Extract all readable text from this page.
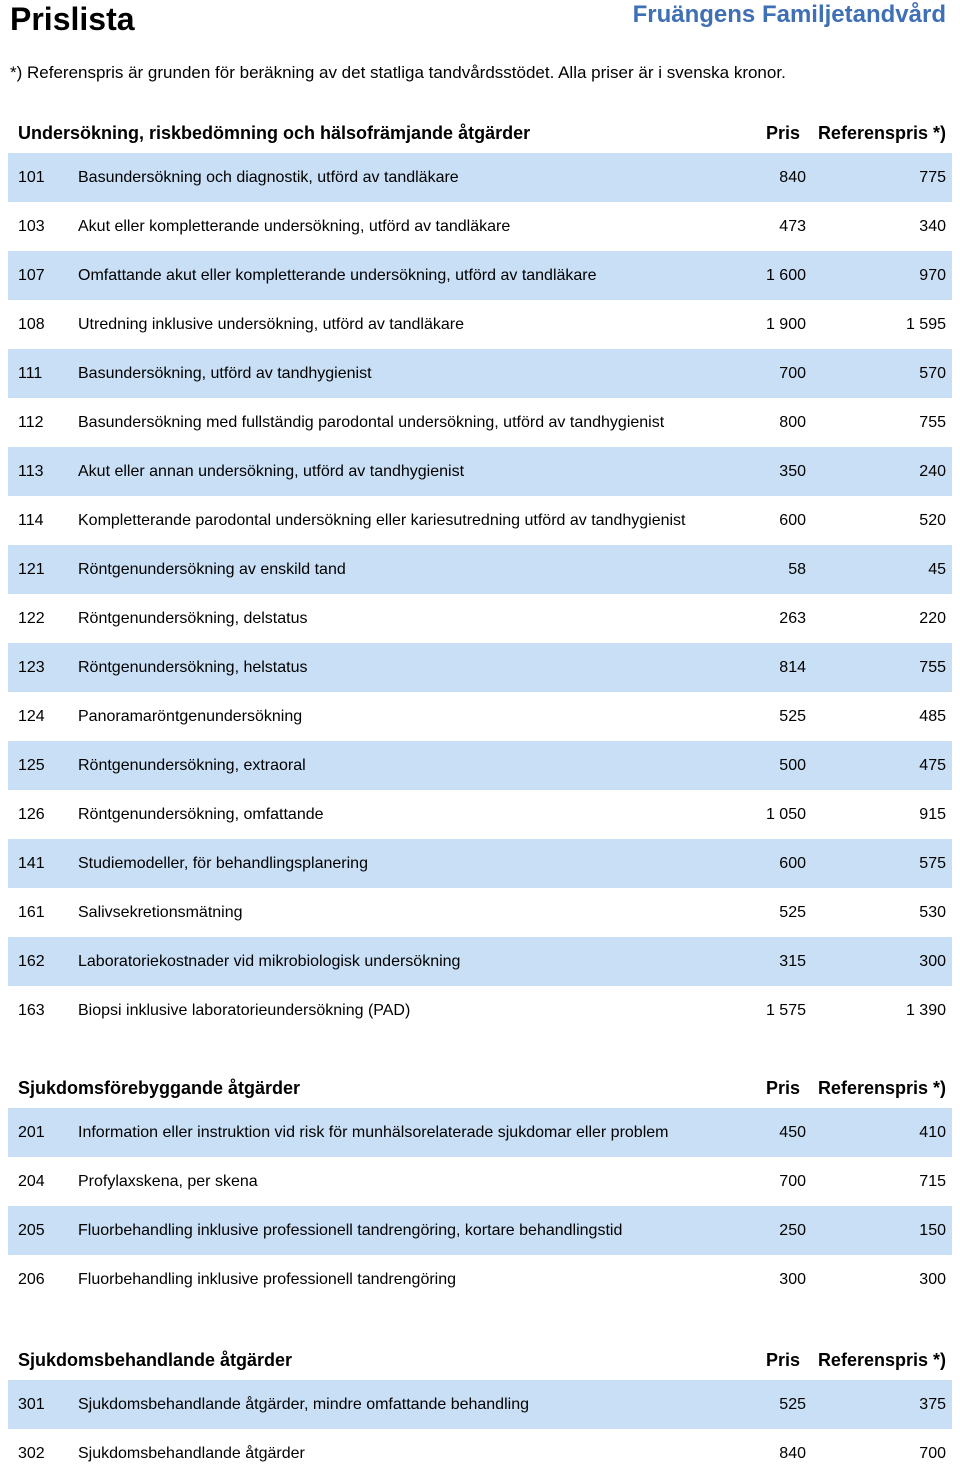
Prislista	Fruängens Familjetandvård
*) Referenspris är grunden för beräkning av det statliga tandvårdsstödet. Alla priser är i svenska kronor.
Undersökning, riskbedömning och hälsofrämjande åtgärder	Pris Referenspris *)
101	Basundersökning och diagnostik, utförd av tandläkare	840	775
103	Akut eller kompletterande undersökning, utförd av tandläkare	473	340
107	Omfattande akut eller kompletterande undersökning, utförd av tandläkare	1 600	970
108	Utredning inklusive undersökning, utförd av tandläkare	1 900	1 595
111	Basundersökning, utförd av tandhygienist	700	570
112	Basundersökning med fullständig parodontal undersökning, utförd av tandhygienist	800	755
113	Akut eller annan undersökning, utförd av tandhygienist	350	240
114	Kompletterande parodontal undersökning eller kariesutredning utförd av tandhygienist	600	520
121	Röntgenundersökning av enskild tand	58	45
122	Röntgenundersökning, delstatus	263	220
123	Röntgenundersökning, helstatus	814	755
124	Panoramaröntgenundersökning	525	485
125	Röntgenundersökning, extraoral	500	475
126	Röntgenundersökning, omfattande	1 050	915
141	Studiemodeller, för behandlingsplanering	600	575
161	Salivsekretionsmätning	525	530
162	Laboratoriekostnader vid mikrobiologisk undersökning	315	300
163	Biopsi inklusive laboratorieundersökning (PAD)	1 575	1 390
Sjukdomsförebyggande åtgärder	Pris Referenspris *)
201	Information eller instruktion vid risk för munhälsorelaterade sjukdomar eller problem	450	410
204	Profylaxskena, per skena	700	715
205	Fluorbehandling inklusive professionell tandrengöring, kortare behandlingstid	250	150
206	Fluorbehandling inklusive professionell tandrengöring	300	300
Sjukdomsbehandlande åtgärder	Pris Referenspris *)
301	Sjukdomsbehandlande åtgärder, mindre omfattande behandling	525	375
302	Sjukdomsbehandlande åtgärder	840	700
